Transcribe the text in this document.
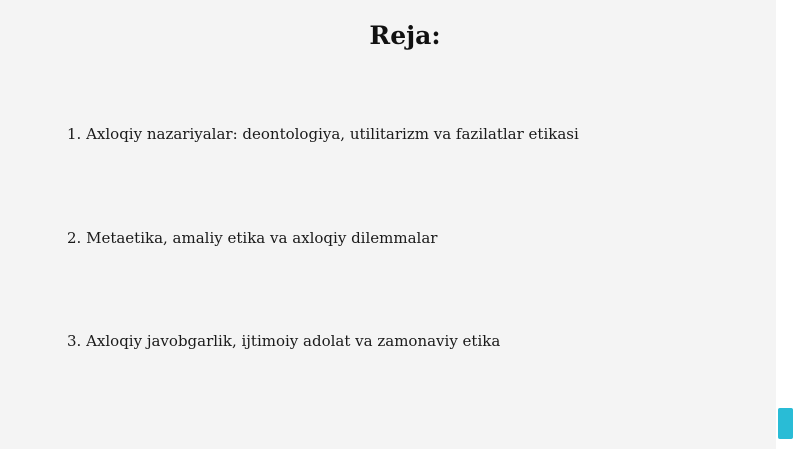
Reja:
1. Axloqiy nazariyalar: deontologiya, utilitarizm va fazilatlar etikasi
2. Metaetika, amaliy etika va axloqiy dilemmalar
3. Axloqiy javobgarlik, ijtimoiy adolat va zamonaviy etika
